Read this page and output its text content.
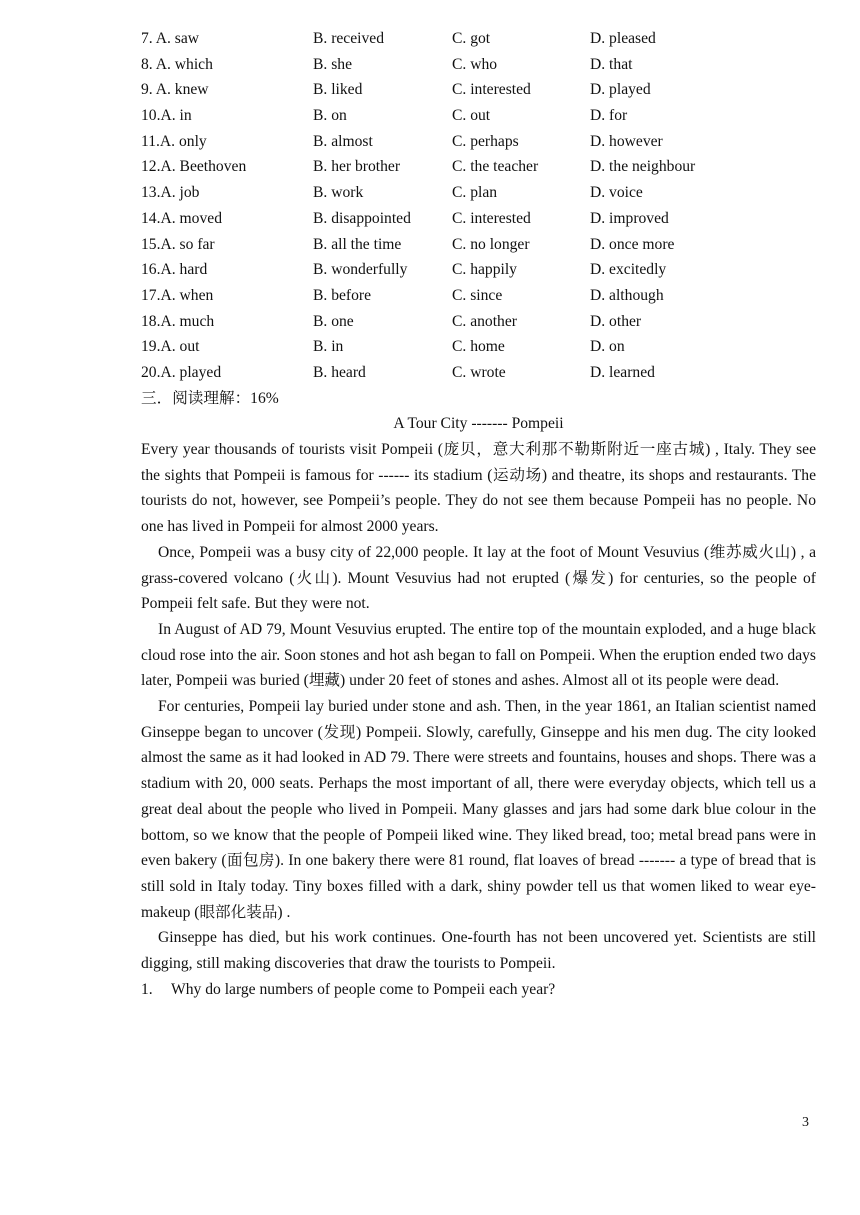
7. A. saw	B. received	C. got	D. pleased
8. A. which	B. she	C. who	D. that
9. A. knew	B. liked	C. interested	D. played
10.A. in	B. on	C. out	D. for
11.A. only	B. almost	C. perhaps	D. however
12.A. Beethoven	B. her brother	C. the teacher	D. the neighbour
13.A. job	B. work	C. plan	D. voice
14.A. moved	B. disappointed	C. interested	D. improved
15.A. so far	B. all the time	C. no longer	D. once more
16.A. hard	B. wonderfully	C. happily	D. excitedly
17.A. when	B. before	C. since	D. although
18.A. much	B. one	C. another	D. other
19.A. out	B. in	C. home	D. on
20.A. played	B. heard	C. wrote	D. learned
三．阅读理解：16%
A Tour City ------- Pompeii

Every year thousands of tourists visit Pompeii (庞贝，意大利那不勒斯附近一座古城) , Italy. They see the sights that Pompeii is famous for ------ its stadium (运动场) and theatre, its shops and restaurants. The tourists do not, however, see Pompeii’s people. They do not see them because Pompeii has no people. No one has lived in Pompeii for almost 2000 years.

Once, Pompeii was a busy city of 22,000 people. It lay at the foot of Mount Vesuvius (维苏威火山) , a grass-covered volcano (火山). Mount Vesuvius had not erupted (爆发) for centuries, so the people of Pompeii felt safe. But they were not.

In August of AD 79, Mount Vesuvius erupted. The entire top of the mountain exploded, and a huge black cloud rose into the air. Soon stones and hot ash began to fall on Pompeii. When the eruption ended two days later, Pompeii was buried (埋藏) under 20 feet of stones and ashes. Almost all ot its people were dead.

For centuries, Pompeii lay buried under stone and ash. Then, in the year 1861, an Italian scientist named Ginseppe began to uncover (发现) Pompeii. Slowly, carefully, Ginseppe and his men dug. The city looked almost the same as it had looked in AD 79. There were streets and fountains, houses and shops. There was a stadium with 20, 000 seats. Perhaps the most important of all, there were everyday objects, which tell us a great deal about the people who lived in Pompeii. Many glasses and jars had some dark blue colour in the bottom, so we know that the people of Pompeii liked wine. They liked bread, too; metal bread pans were in even bakery (面包房). In one bakery there were 81 round, flat loaves of bread ------- a type of bread that is still sold in Italy today. Tiny boxes filled with a dark, shiny powder tell us that women liked to wear eye-makeup (眼部化装品) .

Ginseppe has died, but his work continues. One-fourth has not been uncovered yet. Scientists are still digging, still making discoveries that draw the tourists to Pompeii.

1. Why do large numbers of people come to Pompeii each year?
3
